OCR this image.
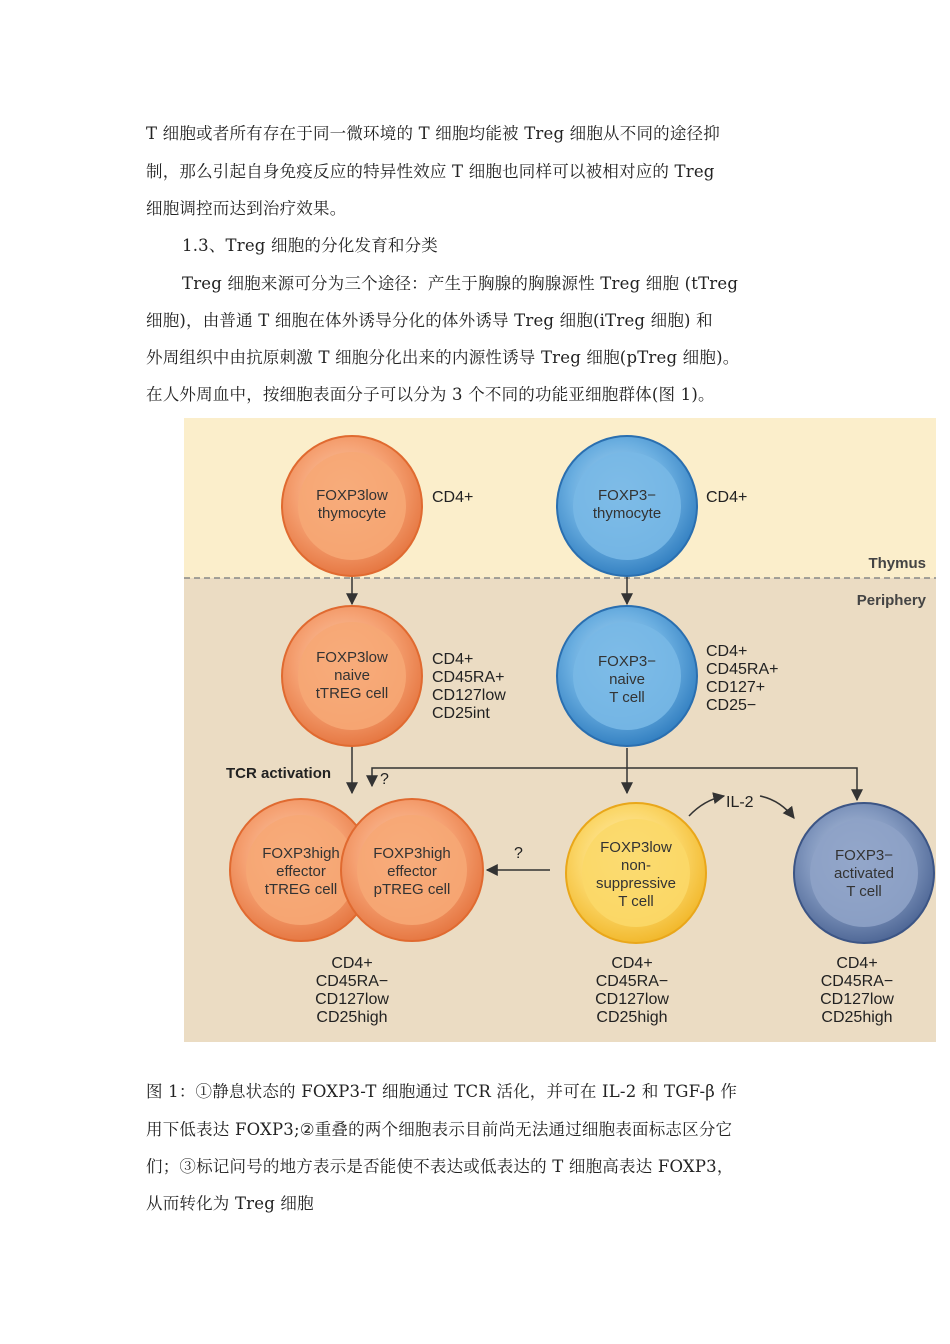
T 细胞或者所有存在于同一微环境的 T 细胞均能被 Treg 细胞从不同的途径抑
制，那么引起自身免疫反应的特异性效应 T 细胞也同样可以被相对应的 Treg
细胞调控而达到治疗效果。
1.3、Treg 细胞的分化发育和分类
Treg 细胞来源可分为三个途径：产生于胸腺的胸腺源性 Treg 细胞 (tTreg
细胞)，由普通 T 细胞在体外诱导分化的体外诱导 Treg 细胞(iTreg 细胞) 和
外周组织中由抗原刺激 T 细胞分化出来的内源性诱导 Treg 细胞(pTreg 细胞)。
在人外周血中，按细胞表面分子可以分为 3 个不同的功能亚细胞群体(图 1)。
Thymus
Periphery
TCR activation	?
?
IL-2
FOXP3low
thymocyte
CD4+	FOXP3−
thymocyte
CD4+
FOXP3low
naive
tTREG cell
CD4+
CD45RA+
CD127low
CD25int
FOXP3−
naive
T cell
CD4+
CD45RA+
CD127+
CD25−
FOXP3high
effector
tTREG cell
FOXP3high
effector
pTREG cell
FOXP3low
non-
suppressive
T cell
FOXP3−
activated
T cell
CD4+
CD45RA−
CD127low
CD25high
CD4+
CD45RA−
CD127low
CD25high
CD4+
CD45RA−
CD127low
CD25high
图 1：①静息状态的 FOXP3-T 细胞通过 TCR 活化，并可在 IL-2 和 TGF-β 作
用下低表达 FOXP3;②重叠的两个细胞表示目前尚无法通过细胞表面标志区分它
们；③标记问号的地方表示是否能使不表达或低表达的 T 细胞高表达 FOXP3，
从而转化为 Treg 细胞
